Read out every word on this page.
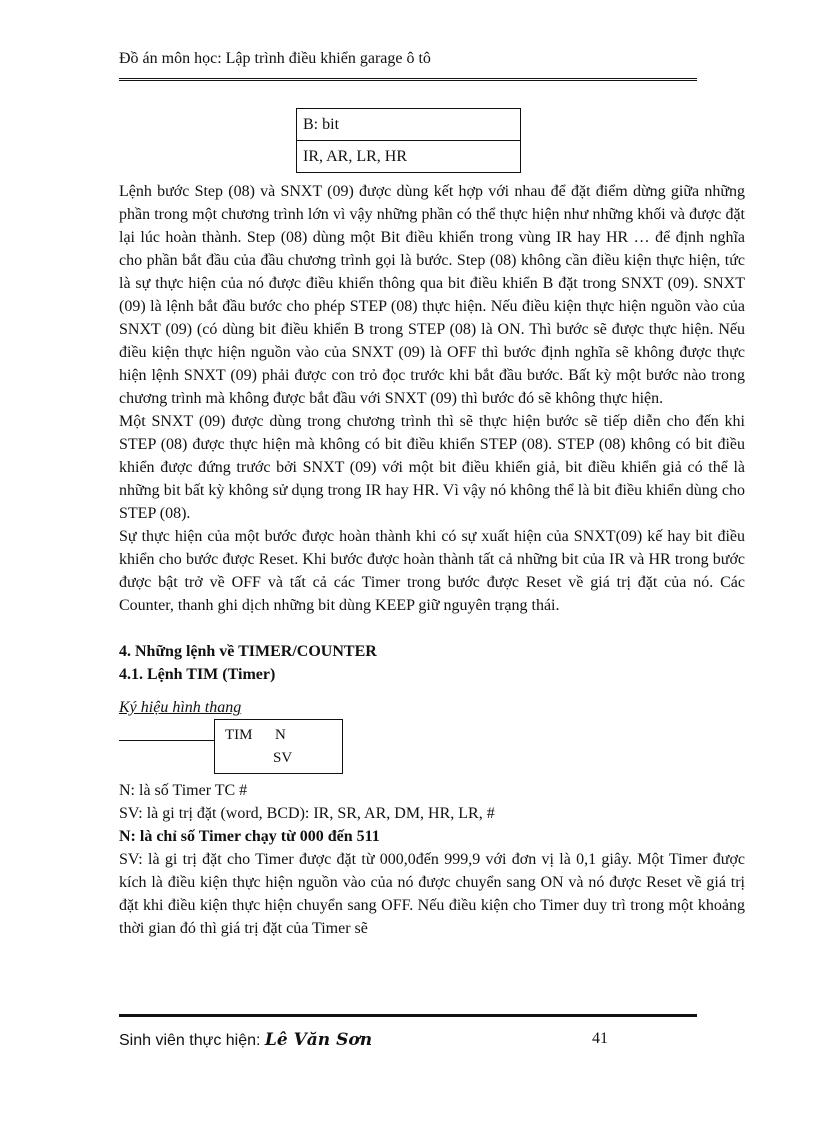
Đồ án môn học: Lập trình điều khiển garage ô tô
B: bit
IR, AR, LR, HR

Lệnh bước Step (08) và SNXT (09) được dùng kết hợp với nhau để đặt điểm dừng giữa những phần trong một chương trình lớn vì vậy những phần có thể thực hiện như những khối và được đặt lại lúc hoàn thành. Step (08) dùng một Bit điều khiển trong vùng IR hay HR … để định nghĩa cho phần bắt đầu của đầu chương trình gọi là bước. Step (08) không cần điều kiện thực hiện, tức là sự thực hiện của nó được điều khiển thông qua bit điều khiển B đặt trong SNXT (09). SNXT (09) là lệnh bắt đầu bước cho phép STEP (08) thực hiện. Nếu điều kiện thực hiện nguồn vào của SNXT (09) (có dùng bit điều khiển B trong STEP (08) là ON. Thì bước sẽ được thực hiện. Nếu điều kiện thực hiện nguồn vào của SNXT (09) là OFF thì bước định nghĩa sẽ không được thực hiện lệnh SNXT (09) phải được con trỏ đọc trước khi bắt đầu bước. Bất kỳ một bước nào trong chương trình mà không được bắt đầu với SNXT (09) thì bước đó sẽ không thực hiện.

Một SNXT (09) được dùng trong chương trình thì sẽ thực hiện bước sẽ tiếp diễn cho đến khi STEP (08) được thực hiện mà không có bit điều khiển STEP (08). STEP (08) không có bit điều khiển được đứng trước bởi SNXT (09) với một bit điều khiển giả, bit điều khiển giả có thể là những bit bất kỳ không sử dụng trong IR hay HR. Vì vậy nó không thể là bit điều khiển dùng cho STEP (08).

Sự thực hiện của một bước được hoàn thành khi có sự xuất hiện của SNXT(09) kế hay bit điều khiển cho bước được Reset. Khi bước được hoàn thành tất cả những bit của IR và HR trong bước được bật trở về OFF và tất cả các Timer trong bước được Reset về giá trị đặt của nó. Các Counter, thanh ghi dịch những bit dùng KEEP giữ nguyên trạng thái.

4. Những lệnh về TIMER/COUNTER

4.1. Lệnh TIM (Timer)

Ký hiệu hình thang

TIM N
SV

N: là số Timer TC #

SV: là gi trị đặt (word, BCD): IR, SR, AR, DM, HR, LR, #

N: là chỉ số Timer chạy từ 000 đến 511

SV: là gi trị đặt cho Timer được đặt từ 000,0đến 999,9 với đơn vị là 0,1 giây. Một Timer được kích là điều kiện thực hiện nguồn vào của nó được chuyển sang ON và nó được Reset về giá trị đặt khi điều kiện thực hiện chuyển sang OFF. Nếu điều kiện cho Timer duy trì trong một khoảng thời gian đó thì giá trị đặt của Timer sẽ

Sinh viên thực hiện: Lê Văn Sơn	41
